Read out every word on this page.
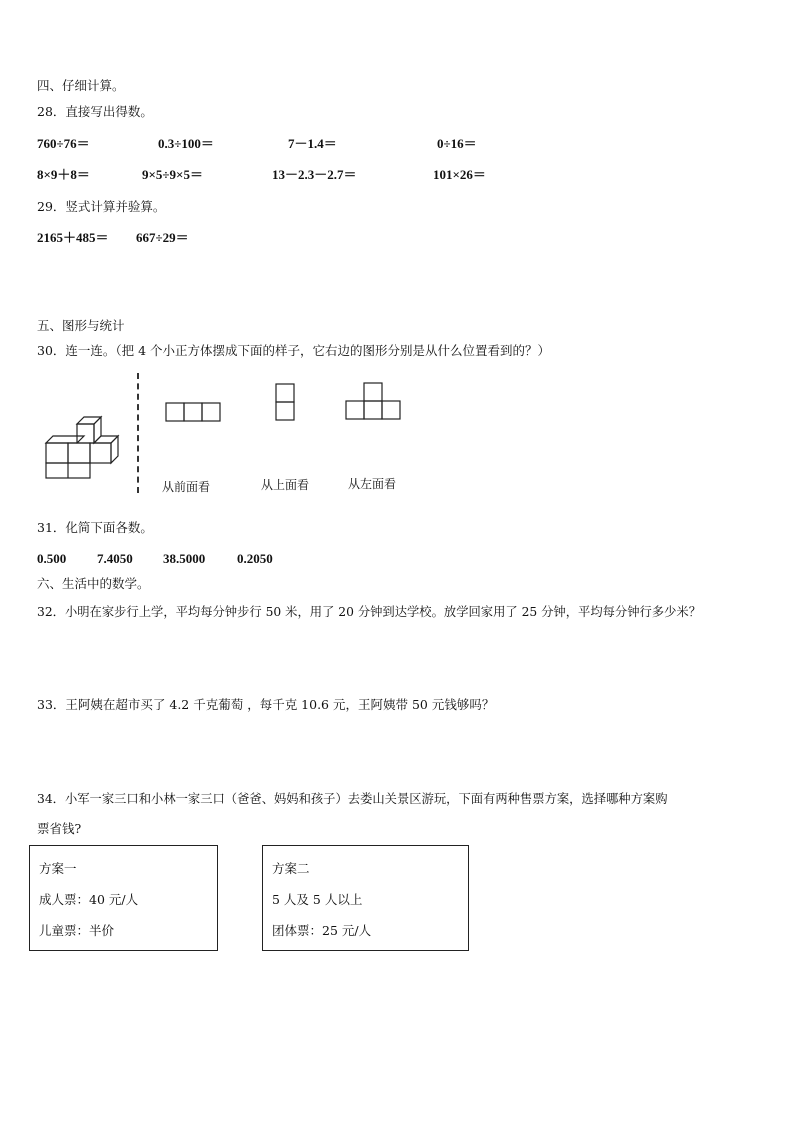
四、仔细计算。
28．直接写出得数。
760÷76＝	0.3÷100＝	7－1.4＝	0÷16＝
8×9＋8＝	9×5÷9×5＝	13－2.3－2.7＝	101×26＝
29．竖式计算并验算。
2165＋485＝ 667÷29＝
五、图形与统计
30．连一连。（把 4 个小正方体摆成下面的样子，它右边的图形分别是从什么位置看到的？）
从前面看	从上面看	从左面看
31．化简下面各数。
0.500 7.4050 38.5000 0.2050
六、生活中的数学。
32．小明在家步行上学，平均每分钟步行 50 米，用了 20 分钟到达学校。放学回家用了 25 分钟，平均每分钟行多少米？
33．王阿姨在超市买了 4.2 千克葡萄 ，每千克 10.6 元，王阿姨带 50 元钱够吗？
34．小军一家三口和小林一家三口（爸爸、妈妈和孩子）去娄山关景区游玩，下面有两种售票方案，选择哪种方案购
票省钱?
方案一
成人票：40 元/人
儿童票：半价
方案二
5 人及 5 人以上
团体票：25 元/人
